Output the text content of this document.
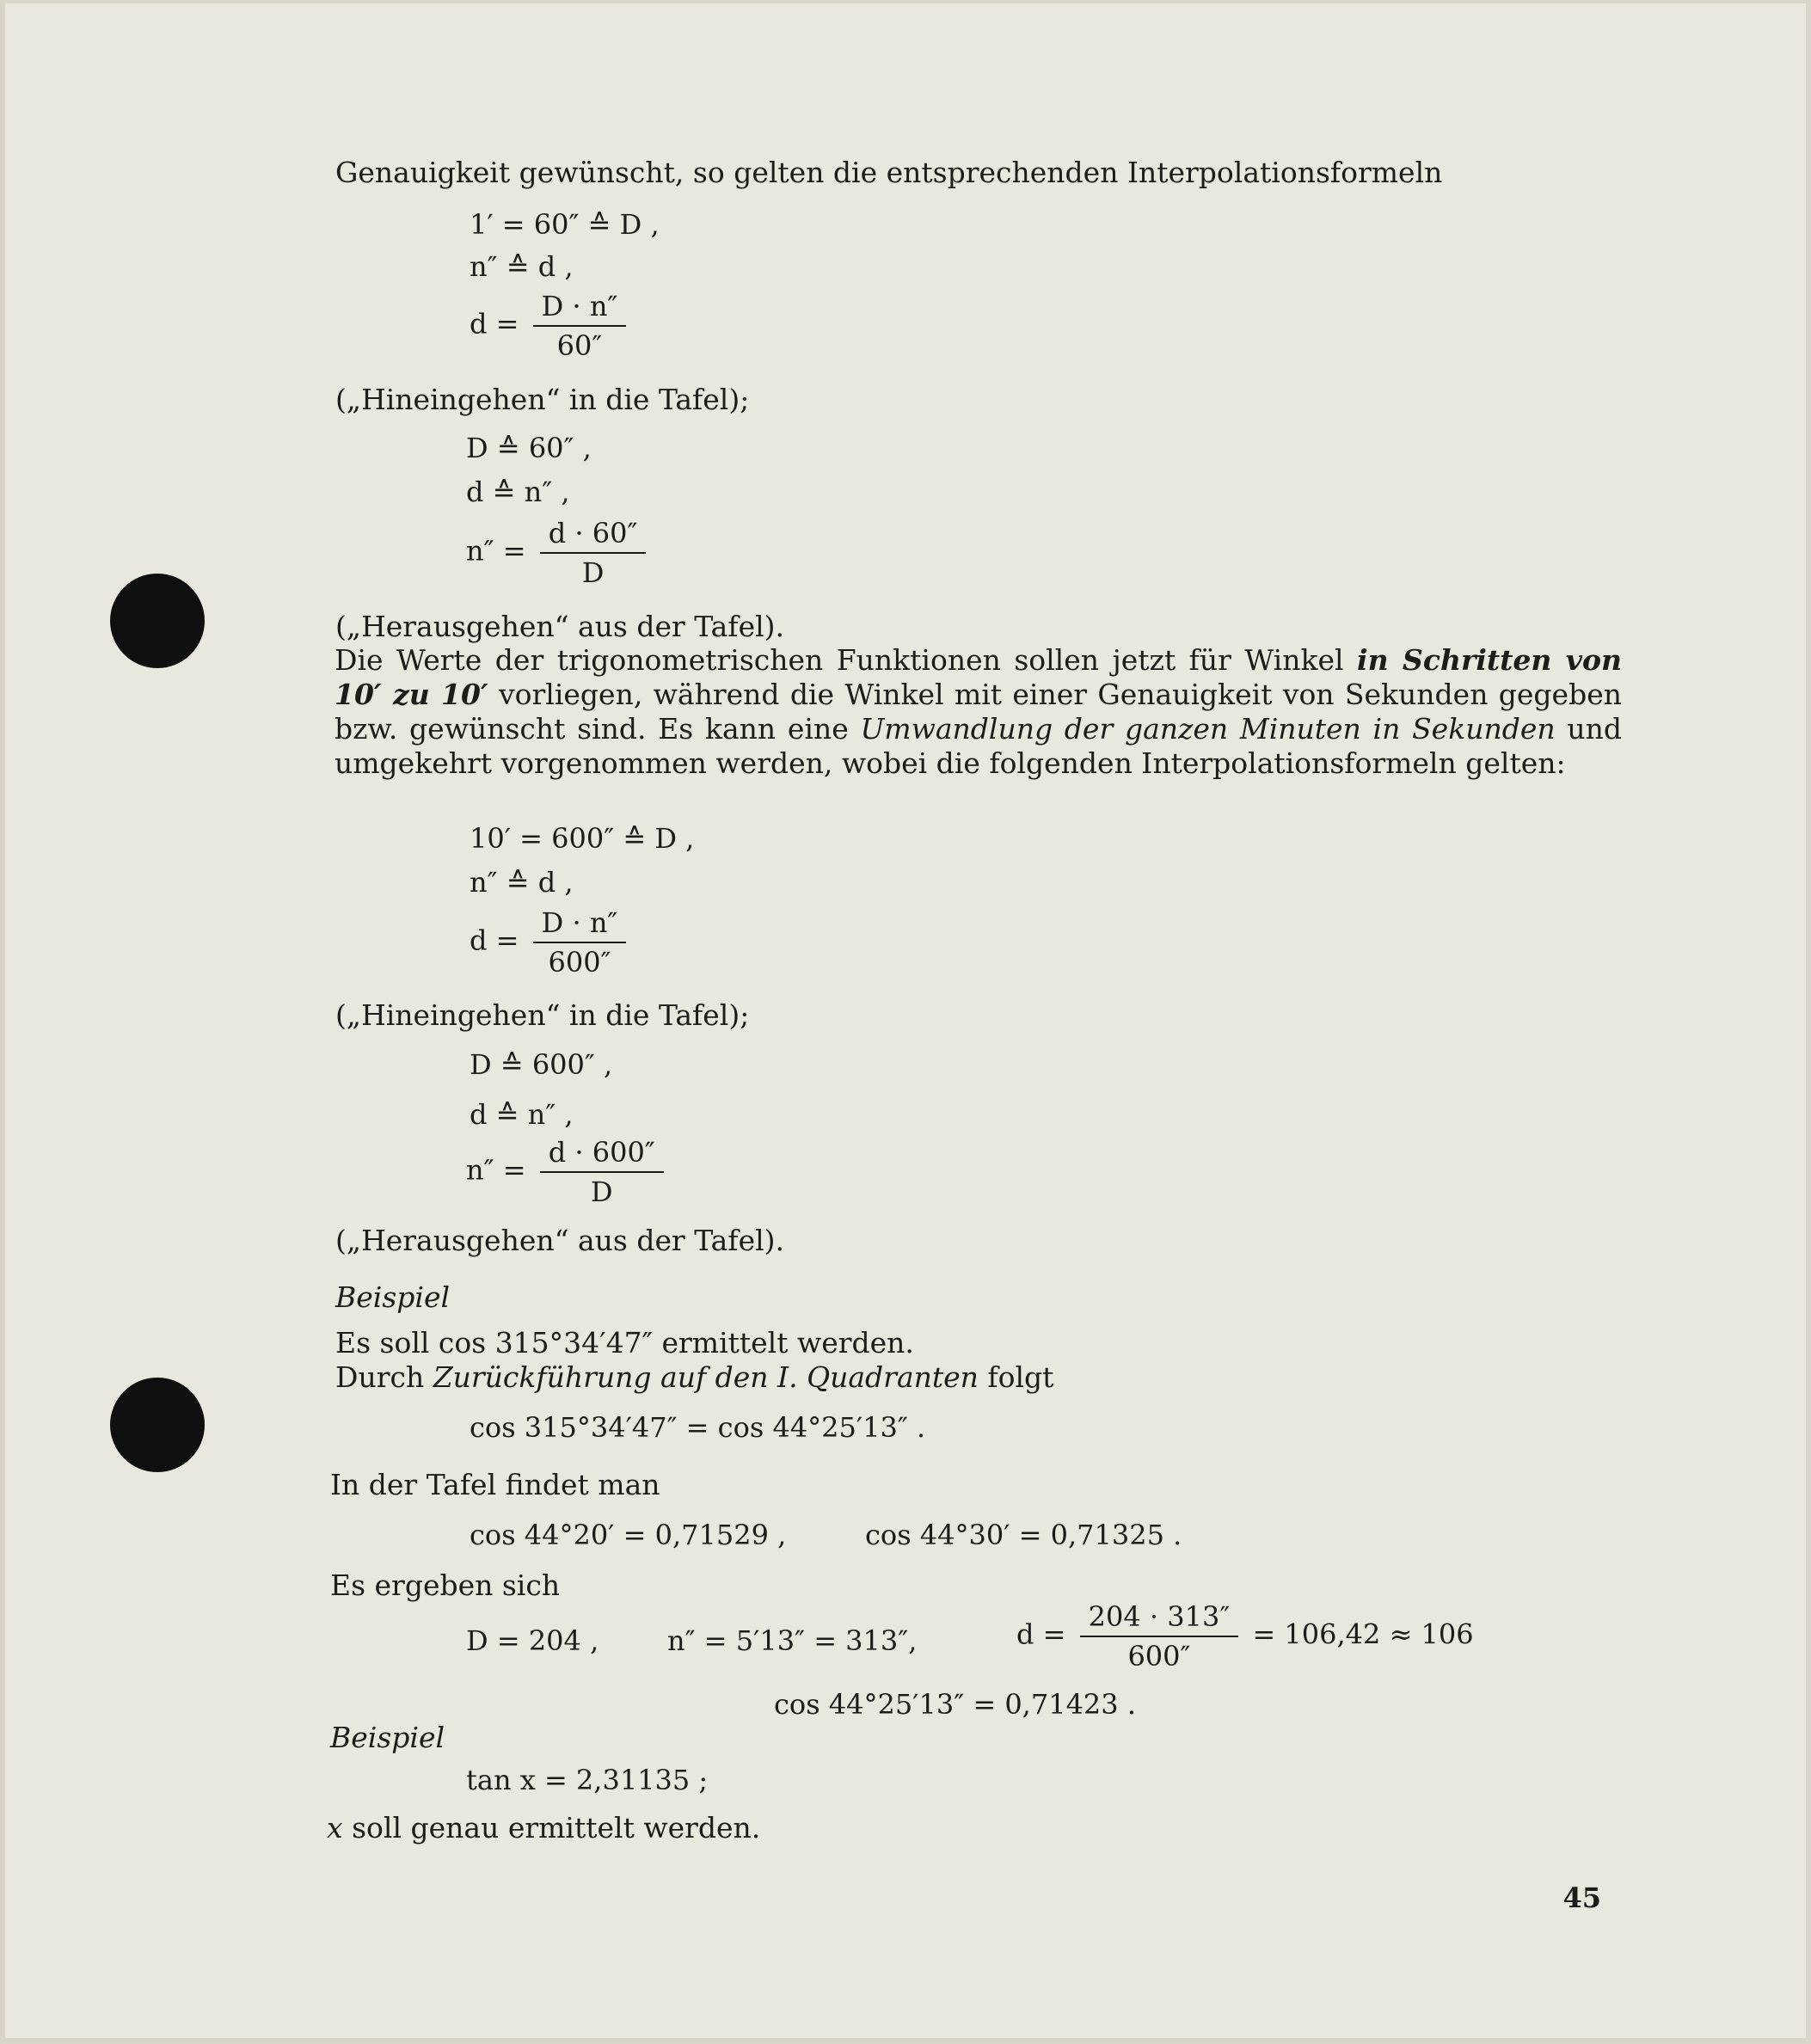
Genauigkeit gewünscht, so gelten die entsprechenden Interpolationsformeln
1′ = 60″ ≙ D ,
n″ ≙ d ,
$d = \frac{D \cdot n''}{60''}$
(„Hineingehen“ in die Tafel);
D ≙ 60″ ,
d ≙ n″ ,
$n'' = \frac{d \cdot 60''}{D}$
(„Herausgehen“ aus der Tafel).
Die Werte der trigonometrischen Funktionen sollen jetzt für Winkel in Schritten von 10′ zu 10′ vorliegen, während die Winkel mit einer Genauigkeit von Sekunden gegeben bzw. gewünscht sind. Es kann eine Umwandlung der ganzen Minuten in Sekunden und umgekehrt vorgenommen werden, wobei die folgenden Interpolationsformeln gelten:
10′ = 600″ ≙ D ,
n″ ≙ d ,
$d = \frac{D \cdot n''}{600''}$
(„Hineingehen“ in die Tafel);
D ≙ 600″ ,
d ≙ n″ ,
$n'' = \frac{d \cdot 600''}{D}$
(„Herausgehen“ aus der Tafel).
Beispiel
Es soll cos 315°34′47″ ermittelt werden.
Durch Zurückführung auf den I. Quadranten folgt
cos 315°34′47″ = cos 44°25′13″ .
In der Tafel findet man
cos 44°20′ = 0,71529 ,	cos 44°30′ = 0,71325 .
Es ergeben sich
D = 204 , n″ = 5′13″ = 313″,	$d = \frac{204 \cdot 313''}{600''} = 106,42 \approx 106$
cos 44°25′13″ = 0,71423 .
Beispiel
tan x = 2,31135 ;
x soll genau ermittelt werden.
45
